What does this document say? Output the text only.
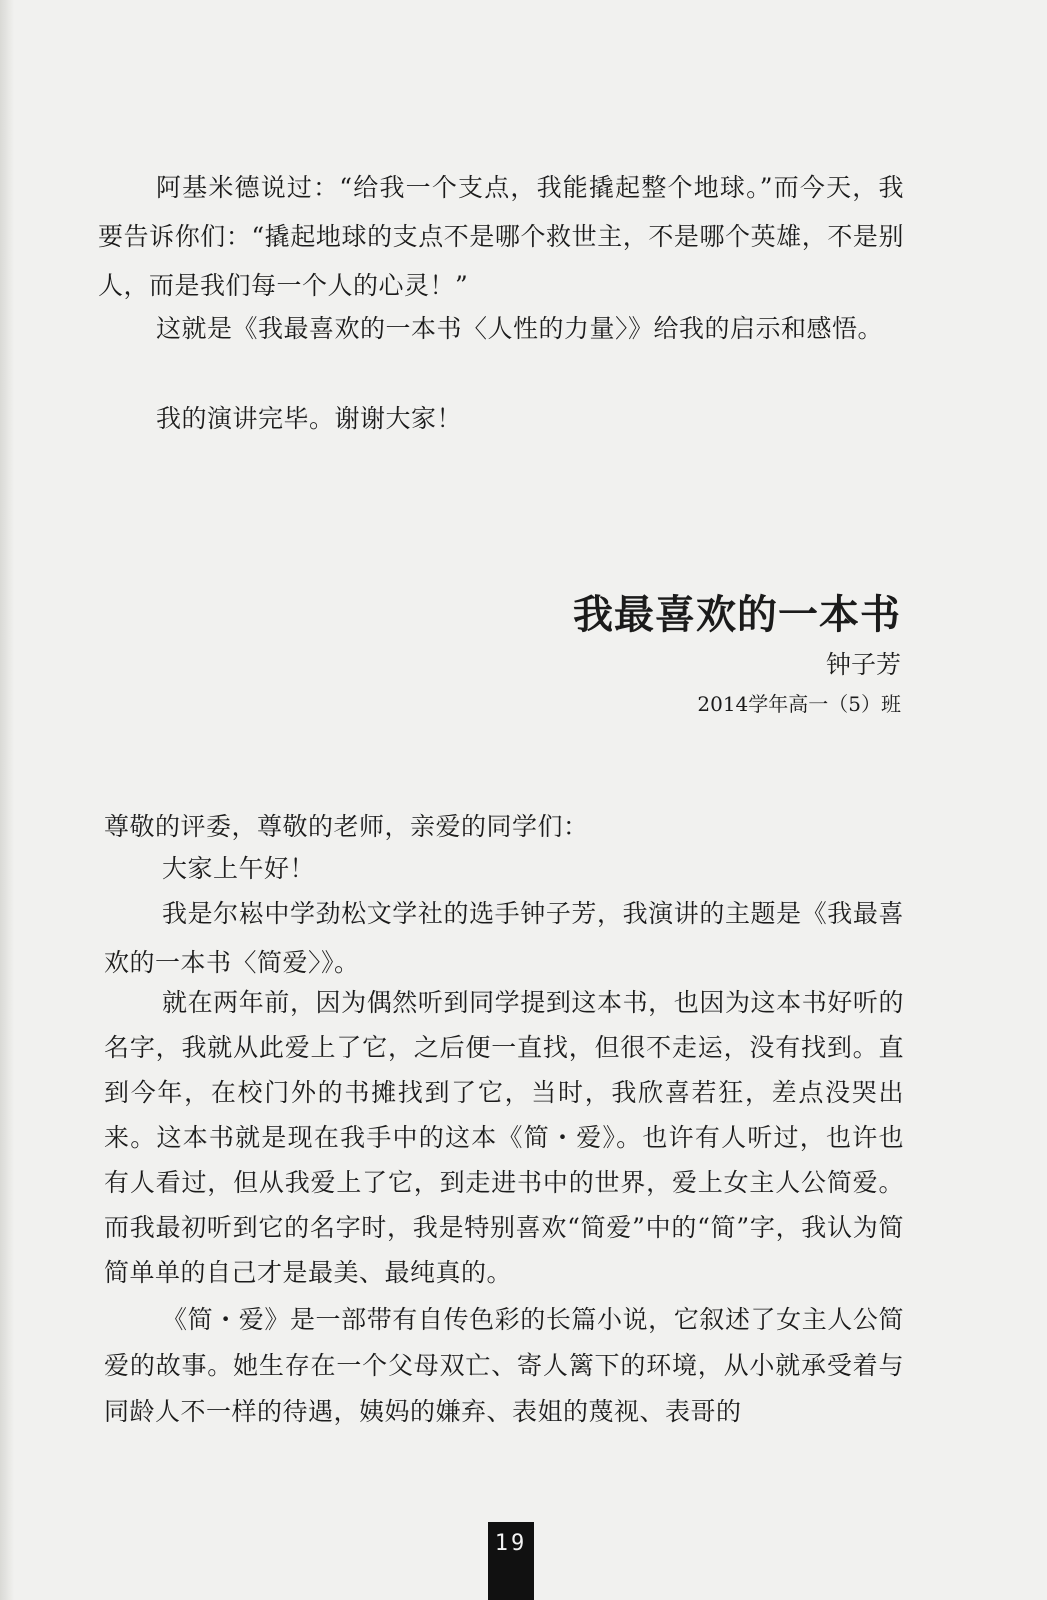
阿基米德说过：“给我一个支点，我能撬起整个地球。”而今天，我要告诉你们：“撬起地球的支点不是哪个救世主，不是哪个英雄，不是别人，而是我们每一个人的心灵！”
这就是《我最喜欢的一本书〈人性的力量〉》给我的启示和感悟。
我的演讲完毕。谢谢大家！
我最喜欢的一本书
钟子芳
2014学年高一（5）班
尊敬的评委，尊敬的老师，亲爱的同学们：
大家上午好！
我是尔崧中学劲松文学社的选手钟子芳，我演讲的主题是《我最喜欢的一本书〈简爱〉》。
就在两年前，因为偶然听到同学提到这本书，也因为这本书好听的名字，我就从此爱上了它，之后便一直找，但很不走运，没有找到。直到今年，在校门外的书摊找到了它，当时，我欣喜若狂，差点没哭出来。这本书就是现在我手中的这本《简・爱》。也许有人听过，也许也有人看过，但从我爱上了它，到走进书中的世界，爱上女主人公简爱。而我最初听到它的名字时，我是特别喜欢“简爱”中的“简”字，我认为简简单单的自己才是最美、最纯真的。
《简・爱》是一部带有自传色彩的长篇小说，它叙述了女主人公简爱的故事。她生存在一个父母双亡、寄人篱下的环境，从小就承受着与同龄人不一样的待遇，姨妈的嫌弃、表姐的蔑视、表哥的
19
